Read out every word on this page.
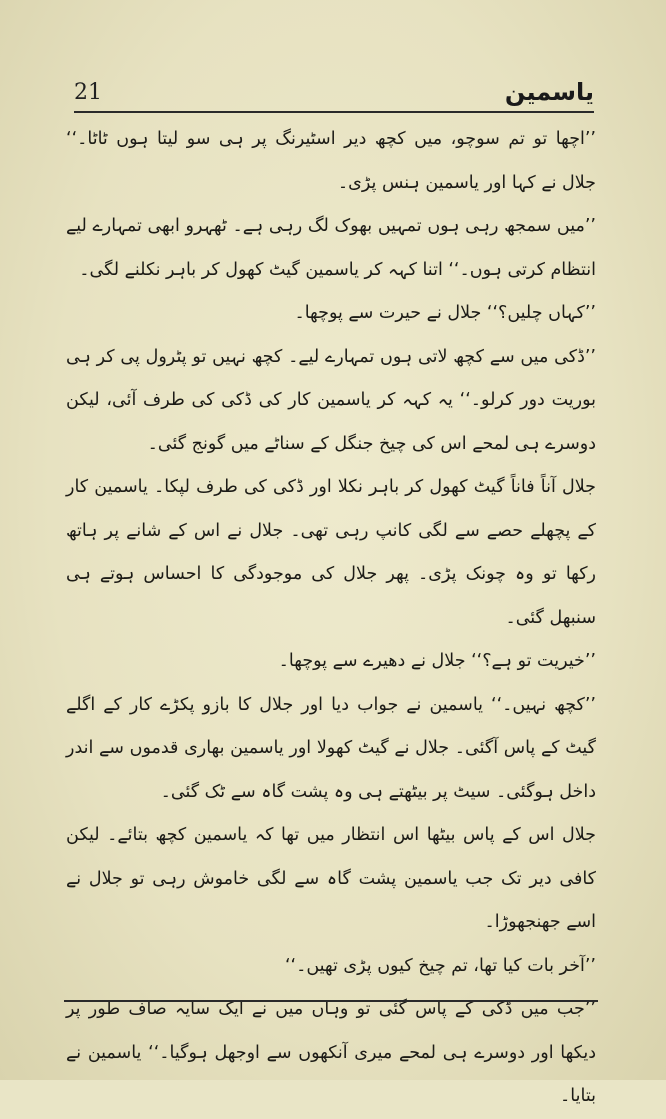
21	یاسمین

’’اچھا تو تم سوچو، میں کچھ دیر اسٹیرنگ پر ہی سو لیتا ہوں ٹاٹا۔‘‘ جلال نے کہا اور یاسمین ہنس پڑی۔

’’میں سمجھ رہی ہوں تمہیں بھوک لگ رہی ہے۔ ٹھہرو ابھی تمہارے لیے انتظام کرتی ہوں۔‘‘ اتنا کہہ کر یاسمین گیٹ کھول کر باہر نکلنے لگی۔

’’کہاں چلیں؟‘‘ جلال نے حیرت سے پوچھا۔

’’ڈکی میں سے کچھ لاتی ہوں تمہارے لیے۔ کچھ نہیں تو پٹرول پی کر ہی بوریت دور کرلو۔‘‘ یہ کہہ کر یاسمین کار کی ڈکی کی طرف آئی، لیکن دوسرے ہی لمحے اس کی چیخ جنگل کے سناٹے میں گونج گئی۔

جلال آناً فاناً گیٹ کھول کر باہر نکلا اور ڈکی کی طرف لپکا۔ یاسمین کار کے پچھلے حصے سے لگی کانپ رہی تھی۔ جلال نے اس کے شانے پر ہاتھ رکھا تو وہ چونک پڑی۔ پھر جلال کی موجودگی کا احساس ہوتے ہی سنبھل گئی۔

’’خیریت تو ہے؟‘‘ جلال نے دھیرے سے پوچھا۔

’’کچھ نہیں۔‘‘ یاسمین نے جواب دیا اور جلال کا بازو پکڑے کار کے اگلے گیٹ کے پاس آگئی۔ جلال نے گیٹ کھولا اور یاسمین بھاری قدموں سے اندر داخل ہوگئی۔ سیٹ پر بیٹھتے ہی وہ پشت گاہ سے ٹک گئی۔

جلال اس کے پاس بیٹھا اس انتظار میں تھا کہ یاسمین کچھ بتائے۔ لیکن کافی دیر تک جب یاسمین پشت گاہ سے لگی خاموش رہی تو جلال نے اسے جھنجھوڑا۔

’’آخر بات کیا تھا، تم چیخ کیوں پڑی تھیں۔‘‘

’’جب میں ڈکی کے پاس گئی تو وہاں میں نے ایک سایہ صاف طور پر دیکھا اور دوسرے ہی لمحے میری آنکھوں سے اوجھل ہوگیا۔‘‘ یاسمین نے بتایا۔
